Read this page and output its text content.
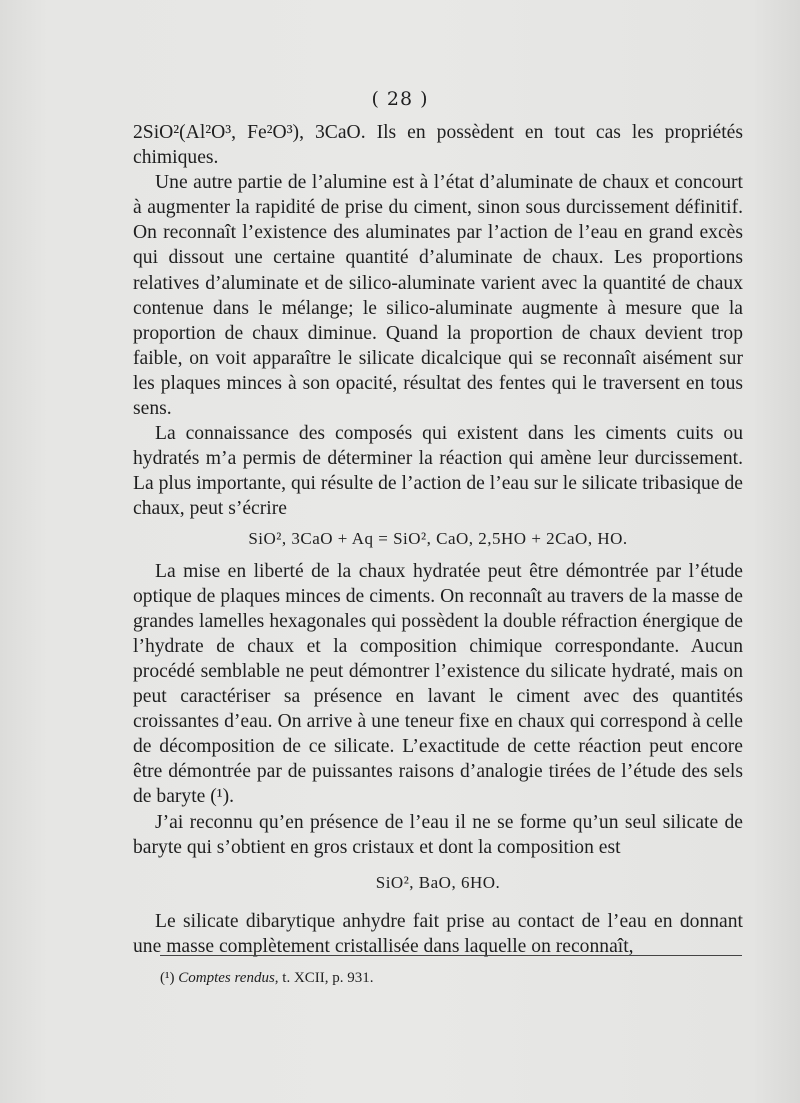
( 28 )

2SiO²(Al²O³, Fe²O³), 3CaO. Ils en possèdent en tout cas les propriétés chimiques.

Une autre partie de l’alumine est à l’état d’aluminate de chaux et concourt à augmenter la rapidité de prise du ciment, sinon sous durcissement définitif. On reconnaît l’existence des aluminates par l’action de l’eau en grand excès qui dissout une certaine quantité d’aluminate de chaux. Les proportions relatives d’aluminate et de silico-aluminate varient avec la quantité de chaux contenue dans le mélange; le silico-aluminate augmente à mesure que la proportion de chaux diminue. Quand la proportion de chaux devient trop faible, on voit apparaître le silicate dicalcique qui se reconnaît aisément sur les plaques minces à son opacité, résultat des fentes qui le traversent en tous sens.

La connaissance des composés qui existent dans les ciments cuits ou hydratés m’a permis de déterminer la réaction qui amène leur durcissement. La plus importante, qui résulte de l’action de l’eau sur le silicate tribasique de chaux, peut s’écrire

SiO², 3CaO + Aq = SiO², CaO, 2,5HO + 2CaO, HO.

La mise en liberté de la chaux hydratée peut être démontrée par l’étude optique de plaques minces de ciments. On reconnaît au travers de la masse de grandes lamelles hexagonales qui possèdent la double réfraction énergique de l’hydrate de chaux et la composition chimique correspondante. Aucun procédé semblable ne peut démontrer l’existence du silicate hydraté, mais on peut caractériser sa présence en lavant le ciment avec des quantités croissantes d’eau. On arrive à une teneur fixe en chaux qui correspond à celle de décomposition de ce silicate. L’exactitude de cette réaction peut encore être démontrée par de puissantes raisons d’analogie tirées de l’étude des sels de baryte (¹).

J’ai reconnu qu’en présence de l’eau il ne se forme qu’un seul silicate de baryte qui s’obtient en gros cristaux et dont la composition est

SiO², BaO, 6HO.

Le silicate dibarytique anhydre fait prise au contact de l’eau en donnant une masse complètement cristallisée dans laquelle on reconnaît,

(¹) Comptes rendus, t. XCII, p. 931.
